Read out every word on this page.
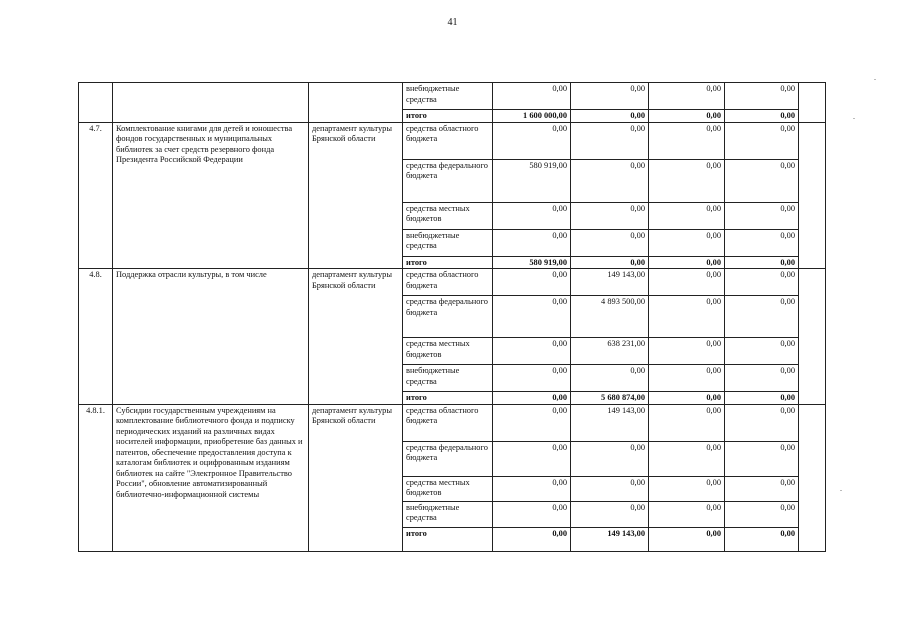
41
			внебюджетные средства	0,00	0,00	0,00	0,00	
			итого	1 600 000,00	0,00	0,00	0,00	
4.7.	Комплектование книгами для детей и юношества фондов государственных и муниципальных библиотек за счет средств резервного фонда Президента Российской Федерации	департамент культуры Брянской области	средства областного бюджета	0,00	0,00	0,00	0,00	
			средства федерального бюджета	580 919,00	0,00	0,00	0,00	
			средства местных бюджетов	0,00	0,00	0,00	0,00	
			внебюджетные средства	0,00	0,00	0,00	0,00	
			итого	580 919,00	0,00	0,00	0,00	
4.8.	Поддержка отрасли культуры, в том числе	департамент культуры Брянской области	средства областного бюджета	0,00	149 143,00	0,00	0,00	
			средства федерального бюджета	0,00	4 893 500,00	0,00	0,00	
			средства местных бюджетов	0,00	638 231,00	0,00	0,00	
			внебюджетные средства	0,00	0,00	0,00	0,00	
			итого	0,00	5 680 874,00	0,00	0,00	
4.8.1.	Субсидии государственным учреждениям на комплектование библиотечного фонда и подписку периодических изданий на различных видах носителей информации, приобретение баз данных и патентов, обеспечение предоставления доступа к каталогам библиотек и оцифрованным изданиям библиотек на сайте "Электронное Правительство России", обновление автоматизированный библиотечно-информационной системы	департамент культуры Брянской области	средства областного бюджета	0,00	149 143,00	0,00	0,00	
			средства федерального бюджета	0,00	0,00	0,00	0,00	
			средства местных бюджетов	0,00	0,00	0,00	0,00	
			внебюджетные средства	0,00	0,00	0,00	0,00	
			итого	0,00	149 143,00	0,00	0,00	
